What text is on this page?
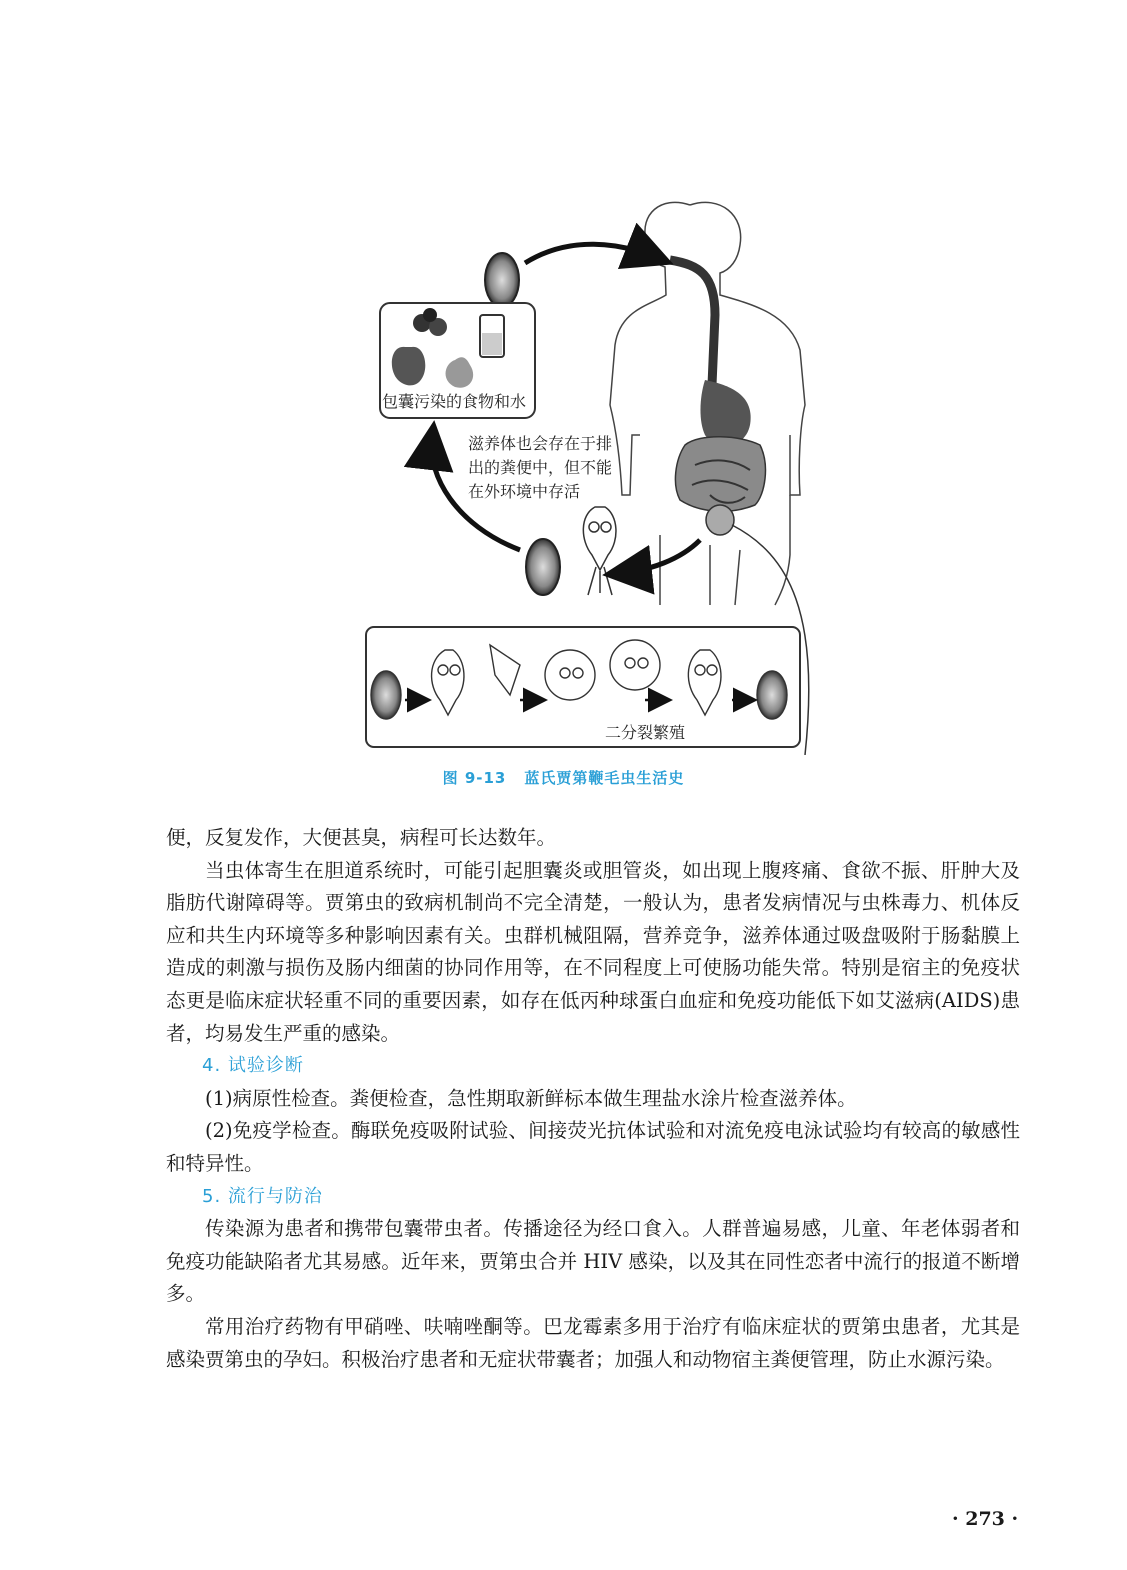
包囊污染的食物和水
滋养体也会存在于排
出的粪便中，但不能
在外环境中存活
二分裂繁殖
图 9-13 蓝氏贾第鞭毛虫生活史

便，反复发作，大便甚臭，病程可长达数年。

当虫体寄生在胆道系统时，可能引起胆囊炎或胆管炎，如出现上腹疼痛、食欲不振、肝肿大及脂肪代谢障碍等。贾第虫的致病机制尚不完全清楚，一般认为，患者发病情况与虫株毒力、机体反应和共生内环境等多种影响因素有关。虫群机械阻隔，营养竞争，滋养体通过吸盘吸附于肠黏膜上造成的刺激与损伤及肠内细菌的协同作用等，在不同程度上可使肠功能失常。特别是宿主的免疫状态更是临床症状轻重不同的重要因素，如存在低丙种球蛋白血症和免疫功能低下如艾滋病(AIDS)患者，均易发生严重的感染。

4. 试验诊断

(1)病原性检查。粪便检查，急性期取新鲜标本做生理盐水涂片检查滋养体。

(2)免疫学检查。酶联免疫吸附试验、间接荧光抗体试验和对流免疫电泳试验均有较高的敏感性和特异性。

5. 流行与防治

传染源为患者和携带包囊带虫者。传播途径为经口食入。人群普遍易感，儿童、年老体弱者和免疫功能缺陷者尤其易感。近年来，贾第虫合并 HIV 感染，以及其在同性恋者中流行的报道不断增多。

常用治疗药物有甲硝唑、呋喃唑酮等。巴龙霉素多用于治疗有临床症状的贾第虫患者，尤其是感染贾第虫的孕妇。积极治疗患者和无症状带囊者；加强人和动物宿主粪便管理，防止水源污染。

· 273 ·
